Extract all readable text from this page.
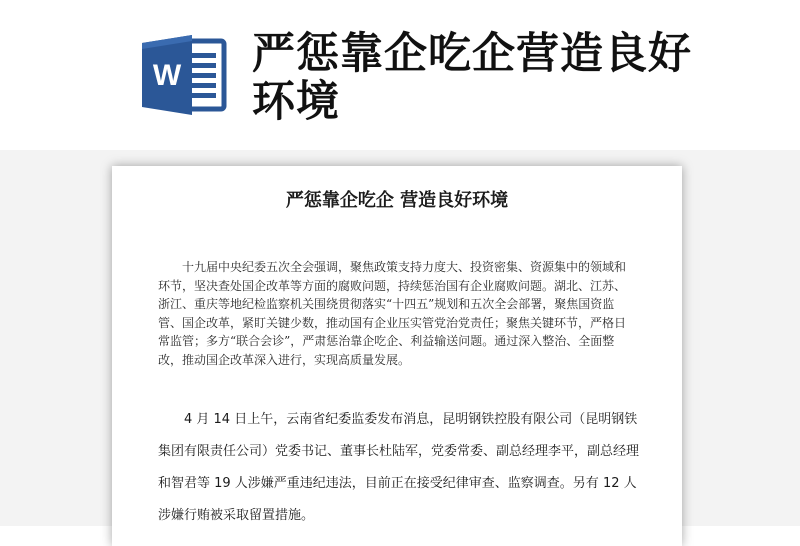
W 严惩靠企吃企营造良好环境
严惩靠企吃企 营造良好环境

十九届中央纪委五次全会强调，聚焦政策支持力度大、投资密集、资源集中的领域和环节，坚决查处国企改革等方面的腐败问题，持续惩治国有企业腐败问题。湖北、江苏、浙江、重庆等地纪检监察机关围绕贯彻落实“十四五”规划和五次全会部署，聚焦国资监管、国企改革，紧盯关键少数，推动国有企业压实管党治党责任；聚焦关键环节，严格日常监管；多方“联合会诊”，严肃惩治靠企吃企、利益输送问题。通过深入整治、全面整改，推动国企改革深入进行，实现高质量发展。

4 月 14 日上午，云南省纪委监委发布消息，昆明钢铁控股有限公司（昆明钢铁集团有限责任公司）党委书记、董事长杜陆军，党委常委、副总经理李平，副总经理和智君等 19 人涉嫌严重违纪违法，目前正在接受纪律审查、监察调查。另有 12 人涉嫌行贿被采取留置措施。
